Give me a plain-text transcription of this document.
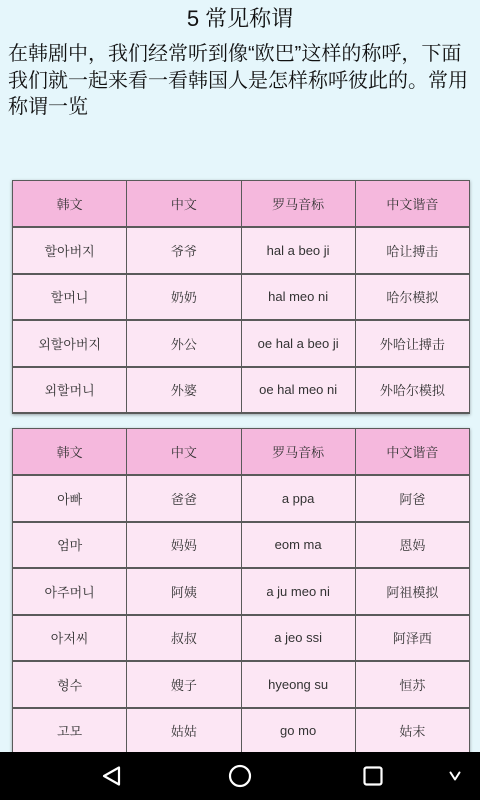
5 常见称谓

在韩剧中，我们经常听到像“欧巴”这样的称呼，下面我们就一起来看一看韩国人是怎样称呼彼此的。常用称谓一览

韩文	中文	罗马音标	中文谐音
할아버지	爷爷	hal a beo ji	哈让搏击
할머니	奶奶	hal meo ni	哈尔模拟
외할아버지	外公	oe hal a beo ji	外哈让搏击
외할머니	外婆	oe hal meo ni	外哈尔模拟
韩文	中文	罗马音标	中文谐音
아빠	爸爸	a ppa	阿爸
엄마	妈妈	eom ma	恩妈
아주머니	阿姨	a ju meo ni	阿祖模拟
아저씨	叔叔	a jeo ssi	阿泽西
형수	嫂子	hyeong su	恒苏
고모	姑姑	go mo	姑末
